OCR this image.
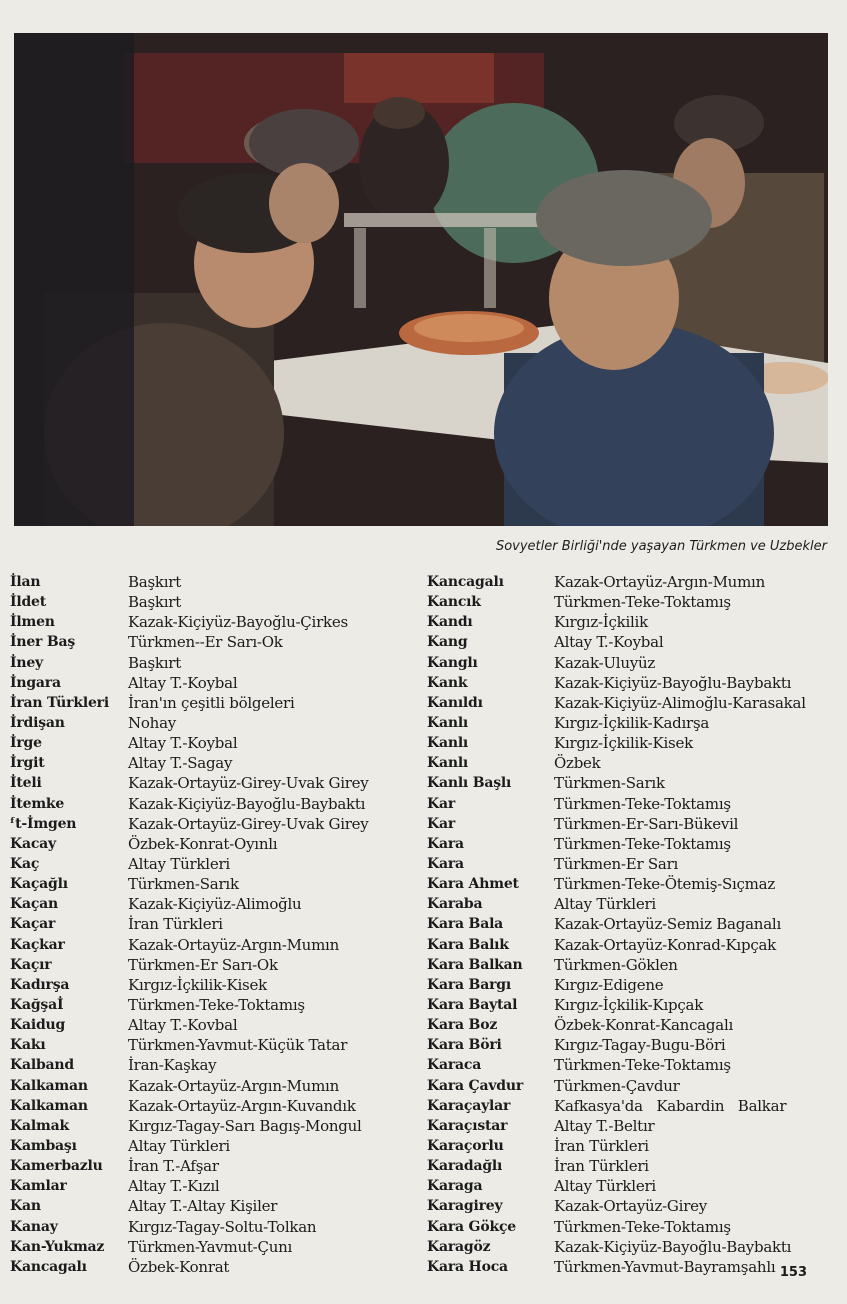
Sovyetler Birliği'nde yaşayan Türkmen ve Uzbekler
İlan	Başkırt
İldet	Başkırt
İlmen	Kazak-Kiçiyüz-Bayoğlu-Çirkes
İner Baş	Türkmen--Er Sarı-Ok
İney	Başkırt
İngara	Altay T.-Koybal
İran Türkleri	İran'ın çeşitli bölgeleri
İrdişan	Nohay
İrge	Altay T.-Koybal
İrgit	Altay T.-Sagay
İteli	Kazak-Ortayüz-Girey-Uvak Girey
İtemke	Kazak-Kiçiyüz-Bayoğlu-Baybaktı
ᶠt-İmgen	Kazak-Ortayüz-Girey-Uvak Girey
Kacay	Özbek-Konrat-Oyınlı
Kaç	Altay Türkleri
Kaçağlı	Türkmen-Sarık
Kaçan	Kazak-Kiçiyüz-Alimoğlu
Kaçar	İran Türkleri
Kaçkar	Kazak-Ortayüz-Argın-Mumın
Kaçır	Türkmen-Er Sarı-Ok
Kadırşa	Kırgız-İçkilik-Kisek
Kağşaİ	Türkmen-Teke-Toktamış
Kaidug	Altay T.-Kovbal
Kakı	Türkmen-Yavmut-Küçük Tatar
Kalband	İran-Kaşkay
Kalkaman	Kazak-Ortayüz-Argın-Mumın
Kalkaman	Kazak-Ortayüz-Argın-Kuvandık
Kalmak	Kırgız-Tagay-Sarı Bagış-Mongul
Kambaşı	Altay Türkleri
Kamerbazlu	İran T.-Afşar
Kamlar	Altay T.-Kızıl
Kan	Altay T.-Altay Kişiler
Kanay	Kırgız-Tagay-Soltu-Tolkan
Kan-Yukmaz	Türkmen-Yavmut-Çunı
Kancagalı	Özbek-Konrat
Kancagalı	Kazak-Ortayüz-Argın-Mumın
Kancık	Türkmen-Teke-Toktamış
Kandı	Kırgız-İçkilik
Kang	Altay T.-Koybal
Kanglı	Kazak-Uluyüz
Kank	Kazak-Kiçiyüz-Bayoğlu-Baybaktı
Kanıldı	Kazak-Kiçiyüz-Alimoğlu-Karasakal
Kanlı	Kırgız-İçkilik-Kadırşa
Kanlı	Kırgız-İçkilik-Kisek
Kanlı	Özbek
Kanlı Başlı	Türkmen-Sarık
Kar	Türkmen-Teke-Toktamış
Kar	Türkmen-Er-Sarı-Bükevil
Kara	Türkmen-Teke-Toktamış
Kara	Türkmen-Er Sarı
Kara Ahmet	Türkmen-Teke-Ötemiş-Sıçmaz
Karaba	Altay Türkleri
Kara Bala	Kazak-Ortayüz-Semiz Baganalı
Kara Balık	Kazak-Ortayüz-Konrad-Kıpçak
Kara Balkan	Türkmen-Göklen
Kara Bargı	Kırgız-Edigene
Kara Baytal	Kırgız-İçkilik-Kıpçak
Kara Boz	Özbek-Konrat-Kancagalı
Kara Böri	Kırgız-Tagay-Bugu-Böri
Karaca	Türkmen-Teke-Toktamış
Kara Çavdur	Türkmen-Çavdur
Karaçaylar	Kafkasya'da   Kabardin   Balkar
Karaçıstar	Altay T.-Beltır
Karaçorlu	İran Türkleri
Karadağlı	İran Türkleri
Karaga	Altay Türkleri
Karagirey	Kazak-Ortayüz-Girey
Kara Gökçe	Türkmen-Teke-Toktamış
Karagöz	Kazak-Kiçiyüz-Bayoğlu-Baybaktı
Kara Hoca	Türkmen-Yavmut-Bayramşahlı 153
